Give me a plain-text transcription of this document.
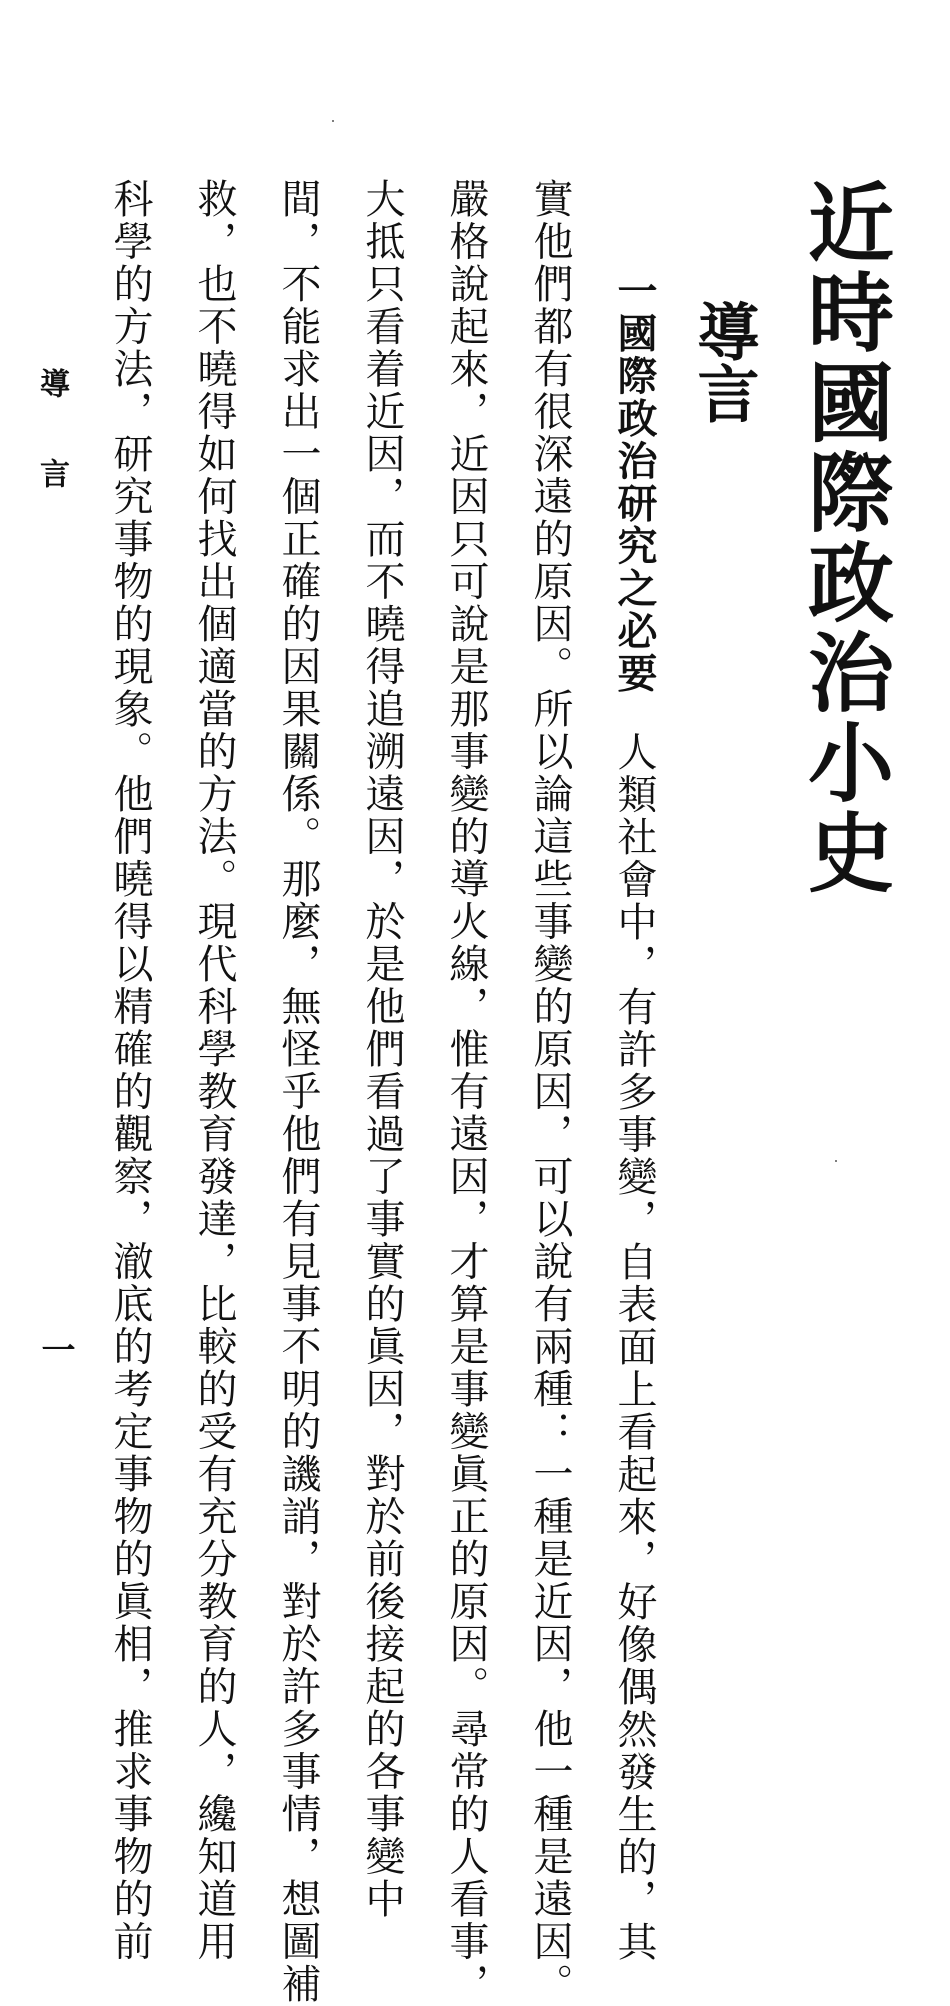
近時國際政治小史
導言

一國際政治研究之必要人類社會中，有許多事變，自表面上看起來，好像偶然發生的，其

實他們都有很深遠的原因。所以論這些事變的原因，可以說有兩種：一種是近因，他一種是遠因。

嚴格說起來，近因只可說是那事變的導火線，惟有遠因，才算是事變眞正的原因。尋常的人看事，

大抵只看着近因，而不曉得追溯遠因，於是他們看過了事實的眞因，對於前後接起的各事變中

間，不能求出一個正確的因果關係。那麼，無怪乎他們有見事不明的譏誚，對於許多事情，想圖補

救，也不曉得如何找出個適當的方法。現代科學教育發達，比較的受有充分教育的人，纔知道用

科學的方法，研究事物的現象。他們曉得以精確的觀察，澈底的考定事物的眞相，推求事物的前

導言
一
